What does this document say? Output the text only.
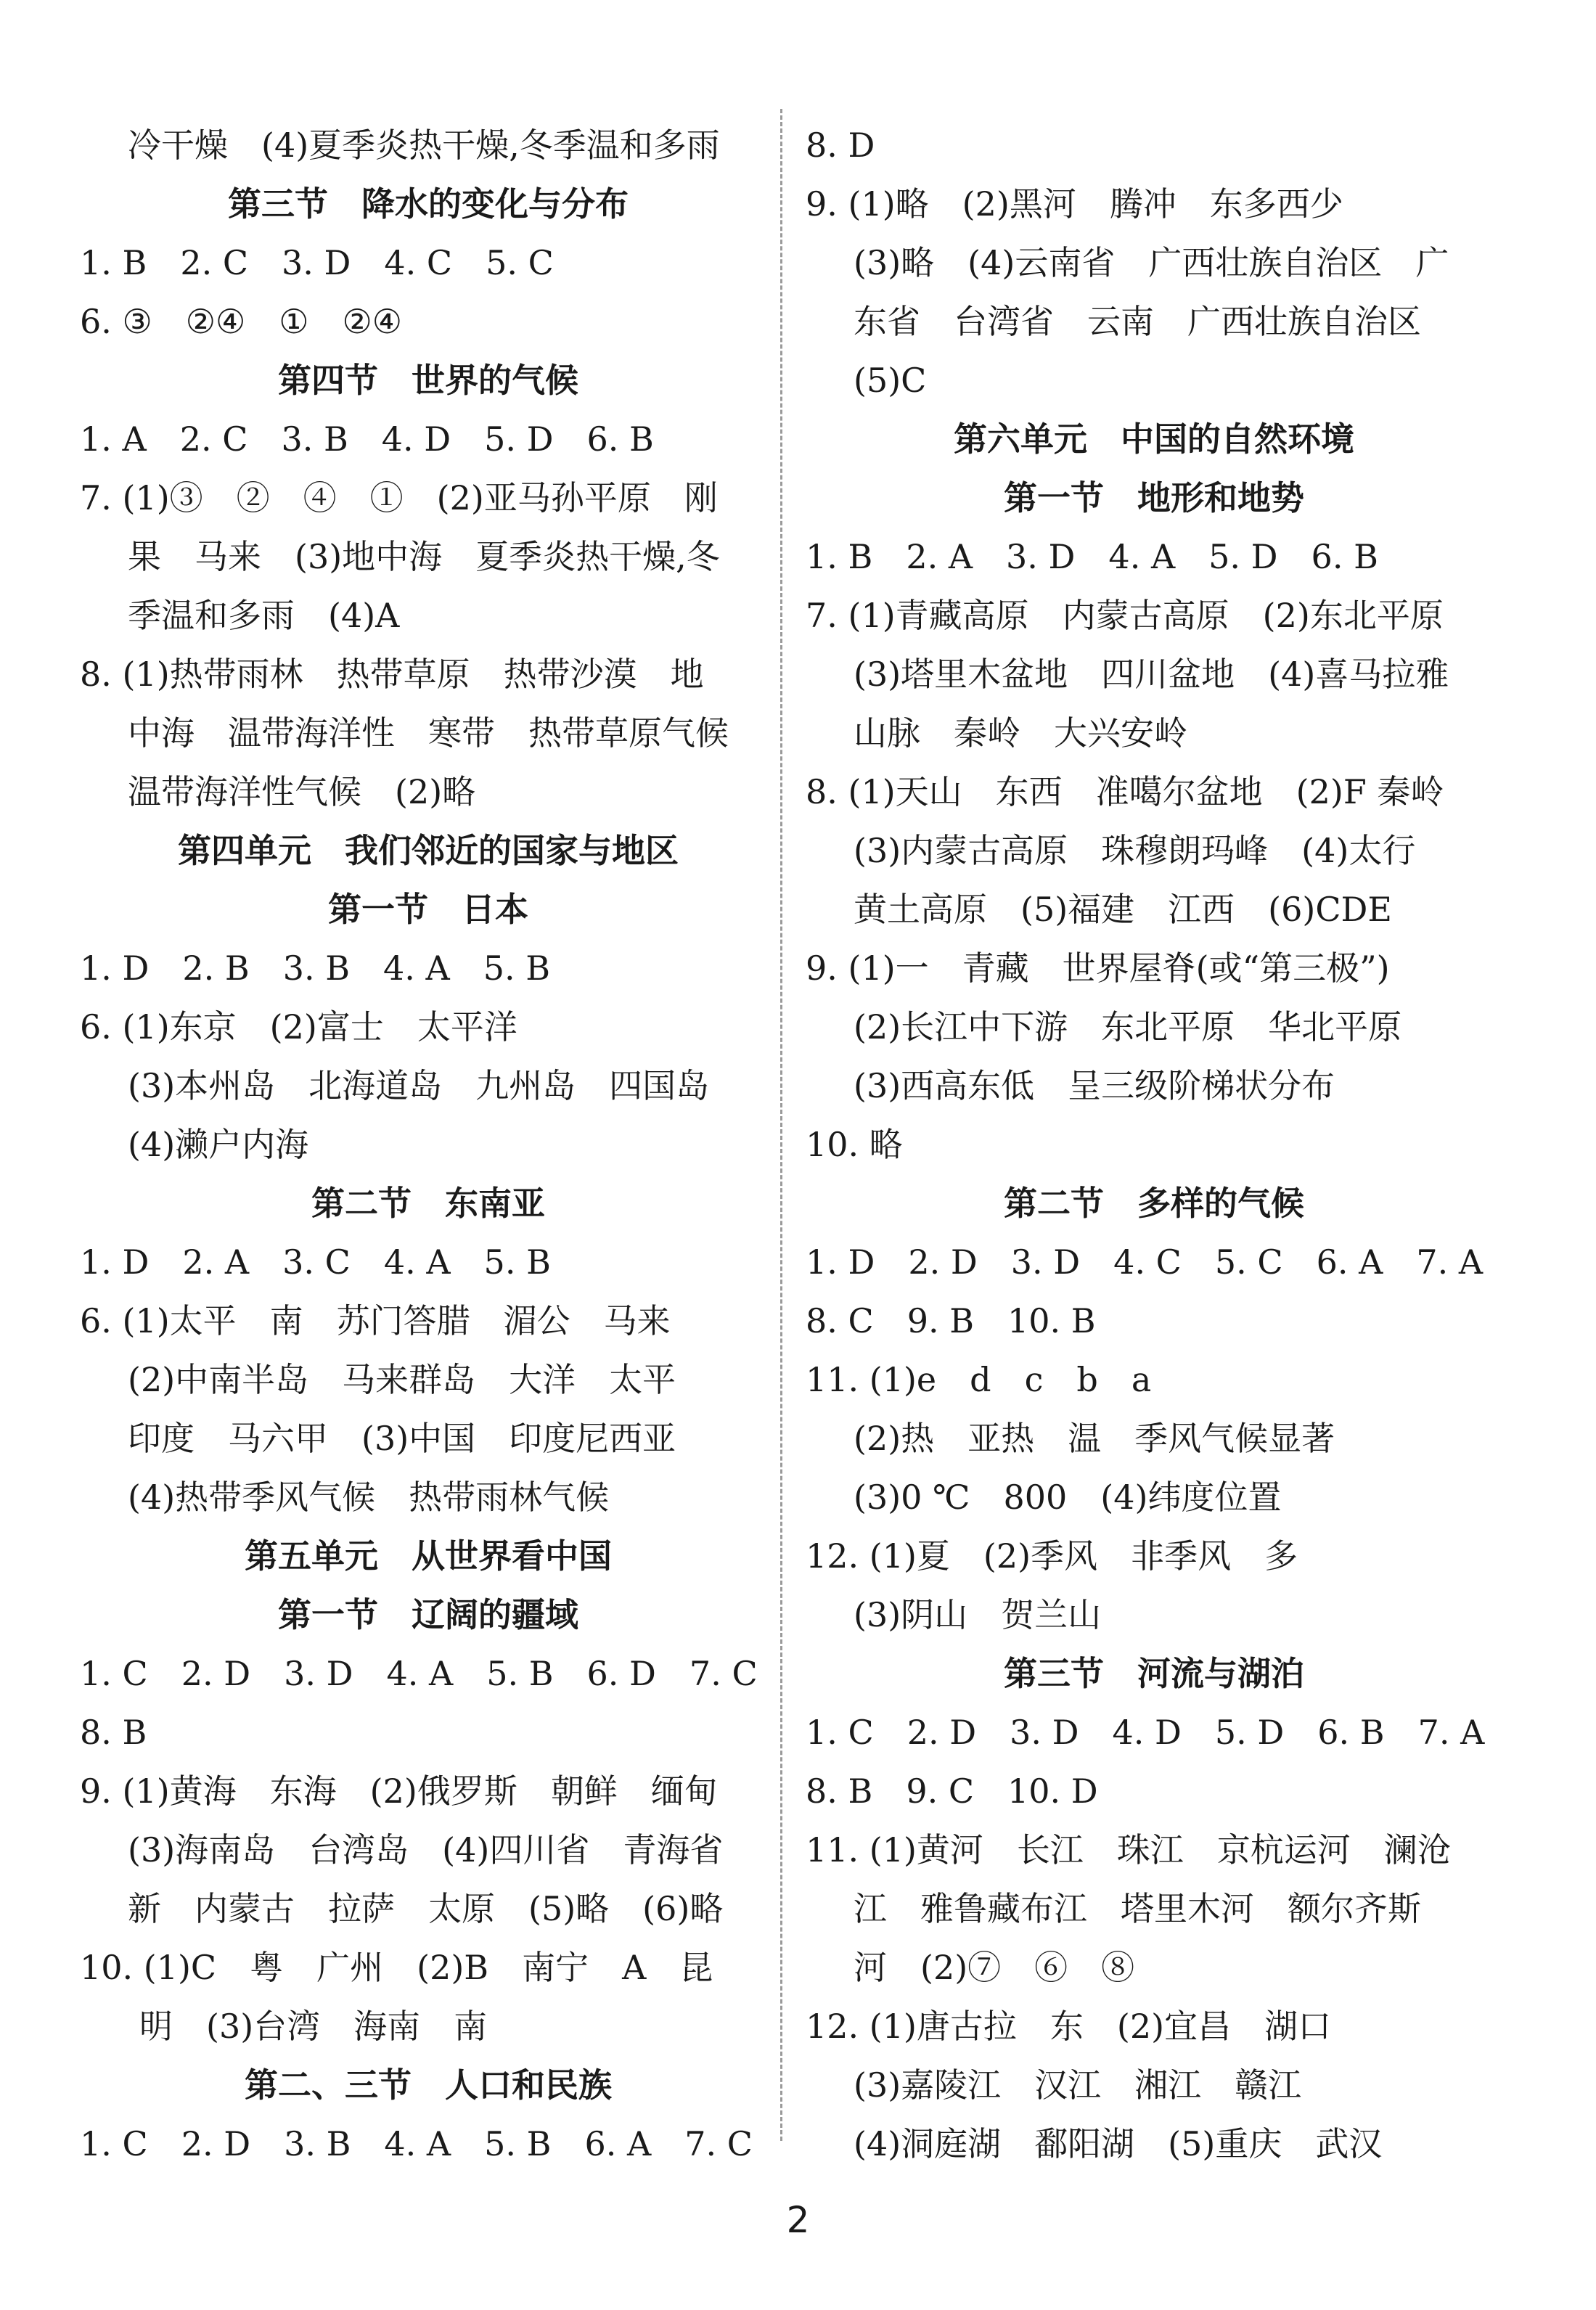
冷干燥　(4)夏季炎热干燥,冬季温和多雨
第三节　降水的变化与分布
1. B　2. C　3. D　4. C　5. C
6. ③　②④　①　②④
第四节　世界的气候
1. A　2. C　3. B　4. D　5. D　6. B
7. (1)③　②　④　①　(2)亚马孙平原　刚
果　马来　(3)地中海　夏季炎热干燥,冬
季温和多雨　(4)A
8. (1)热带雨林　热带草原　热带沙漠　地
中海　温带海洋性　寒带　热带草原气候
温带海洋性气候　(2)略
第四单元　我们邻近的国家与地区
第一节　日本
1. D　2. B　3. B　4. A　5. B
6. (1)东京　(2)富士　太平洋
(3)本州岛　北海道岛　九州岛　四国岛
(4)濑户内海
第二节　东南亚
1. D　2. A　3. C　4. A　5. B
6. (1)太平　南　苏门答腊　湄公　马来
(2)中南半岛　马来群岛　大洋　太平
印度　马六甲　(3)中国　印度尼西亚
(4)热带季风气候　热带雨林气候
第五单元　从世界看中国
第一节　辽阔的疆域
1. C　2. D　3. D　4. A　5. B　6. D　7. C
8. B
9. (1)黄海　东海　(2)俄罗斯　朝鲜　缅甸
(3)海南岛　台湾岛　(4)四川省　青海省
新　内蒙古　拉萨　太原　(5)略　(6)略
10. (1)C　粤　广州　(2)B　南宁　A　昆
明　(3)台湾　海南　南
第二、三节　人口和民族
1. C　2. D　3. B　4. A　5. B　6. A　7. C
8. D
9. (1)略　(2)黑河　腾冲　东多西少
(3)略　(4)云南省　广西壮族自治区　广
东省　台湾省　云南　广西壮族自治区
(5)C
第六单元　中国的自然环境
第一节　地形和地势
1. B　2. A　3. D　4. A　5. D　6. B
7. (1)青藏高原　内蒙古高原　(2)东北平原
(3)塔里木盆地　四川盆地　(4)喜马拉雅
山脉　秦岭　大兴安岭
8. (1)天山　东西　准噶尔盆地　(2)F 秦岭
(3)内蒙古高原　珠穆朗玛峰　(4)太行
黄土高原　(5)福建　江西　(6)CDE
9. (1)一　青藏　世界屋脊(或“第三极”)
(2)长江中下游　东北平原　华北平原
(3)西高东低　呈三级阶梯状分布
10. 略
第二节　多样的气候
1. D　2. D　3. D　4. C　5. C　6. A　7. A
8. C　9. B　10. B
11. (1)e　d　c　b　a
(2)热　亚热　温　季风气候显著
(3)0 ℃　800　(4)纬度位置
12. (1)夏　(2)季风　非季风　多
(3)阴山　贺兰山
第三节　河流与湖泊
1. C　2. D　3. D　4. D　5. D　6. B　7. A
8. B　9. C　10. D
11. (1)黄河　长江　珠江　京杭运河　澜沧
江　雅鲁藏布江　塔里木河　额尔齐斯
河　(2)⑦　⑥　⑧
12. (1)唐古拉　东　(2)宜昌　湖口
(3)嘉陵江　汉江　湘江　赣江
(4)洞庭湖　鄱阳湖　(5)重庆　武汉
2
